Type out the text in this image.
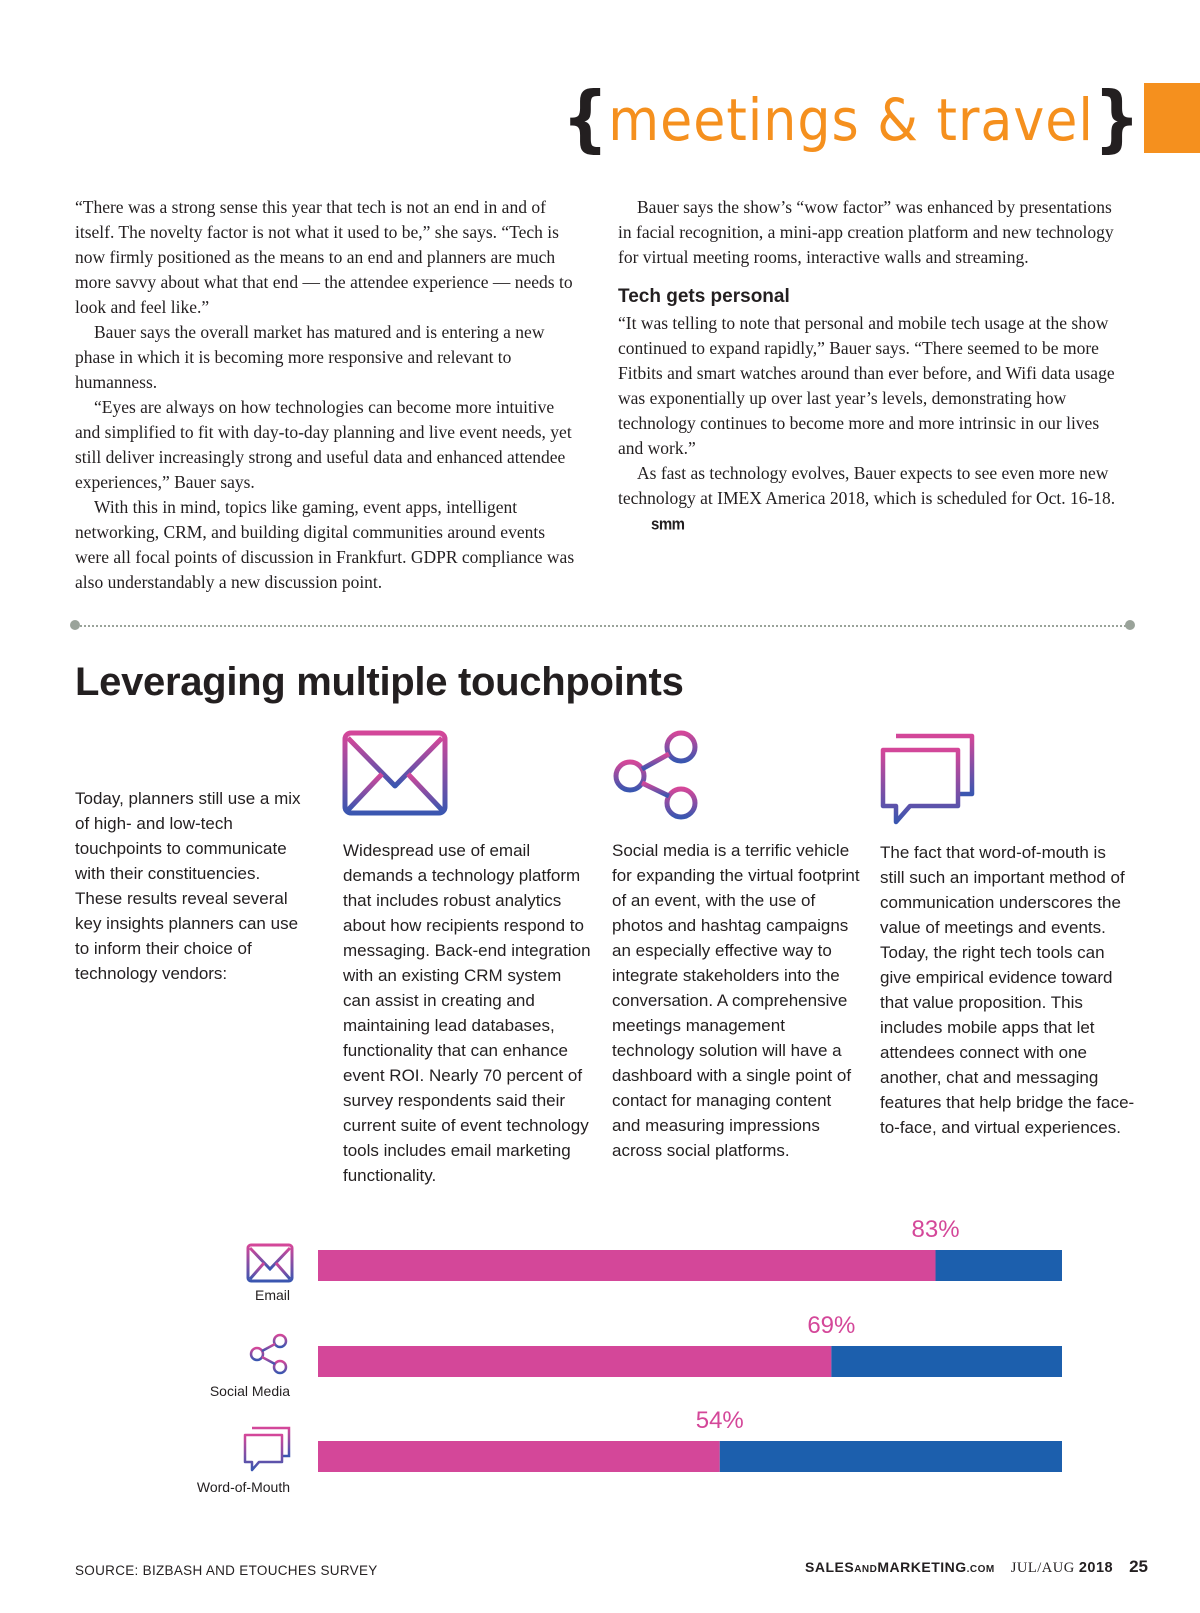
{ meetings & travel }

“There was a strong sense this year that tech is not an end in and of itself. The novelty factor is not what it used to be,” she says. “Tech is now firmly positioned as the means to an end and planners are much more savvy about what that end — the attendee experience — needs to look and feel like.”

Bauer says the overall market has matured and is entering a new phase in which it is becoming more responsive and relevant to humanness.

“Eyes are always on how technologies can become more intuitive and simplified to fit with day-to-day planning and live event needs, yet still deliver increasingly strong and useful data and enhanced attendee experiences,” Bauer says.

With this in mind, topics like gaming, event apps, intelligent networking, CRM, and building digital communities around events were all focal points of discussion in Frankfurt. GDPR compliance was also understandably a new discussion point.

Bauer says the show’s “wow factor” was enhanced by presentations in facial recognition, a mini-app creation platform and new technology for virtual meeting rooms, interactive walls and streaming.

Tech gets personal

“It was telling to note that personal and mobile tech usage at the show continued to expand rapidly,” Bauer says. “There seemed to be more Fitbits and smart watches around than ever before, and Wifi data usage was exponentially up over last year’s levels, demonstrating how technology continues to become more and more intrinsic in our lives and work.”

As fast as technology evolves, Bauer expects to see even more new technology at IMEX America 2018, which is scheduled for Oct. 16-18.smm

Leveraging multiple touchpoints
Today, planners still use a mix of high- and low-tech touchpoints to communicate with their constituencies. These results reveal several key insights planners can use to inform their choice of technology vendors:
Widespread use of email demands a technology platform that includes robust analytics about how recipients respond to messaging. Back-end integration with an existing CRM system can assist in creating and maintaining lead databases, functionality that can enhance event ROI. Nearly 70 percent of survey respondents said their current suite of event technology tools includes email marketing functionality.
Social media is a terrific vehicle for expanding the virtual footprint of an event, with the use of photos and hashtag campaigns an especially effective way to integrate stakeholders into the conversation. A comprehensive meetings management technology solution will have a dashboard with a single point of contact for managing content and measuring impressions across social platforms.
The fact that word-of-mouth is still such an important method of communication underscores the value of meetings and events. Today, the right tech tools can give empirical evidence toward that value proposition. This includes mobile apps that let attendees connect with one another, chat and messaging features that help bridge the face-to-face, and virtual experiences.
Email
Social Media
Word-of-Mouth
83%
69%
54%
SOURCE: BIZBASH AND ETOUCHES SURVEY	SALESANDMARKETING.COM JUL/AUG 2018 25
